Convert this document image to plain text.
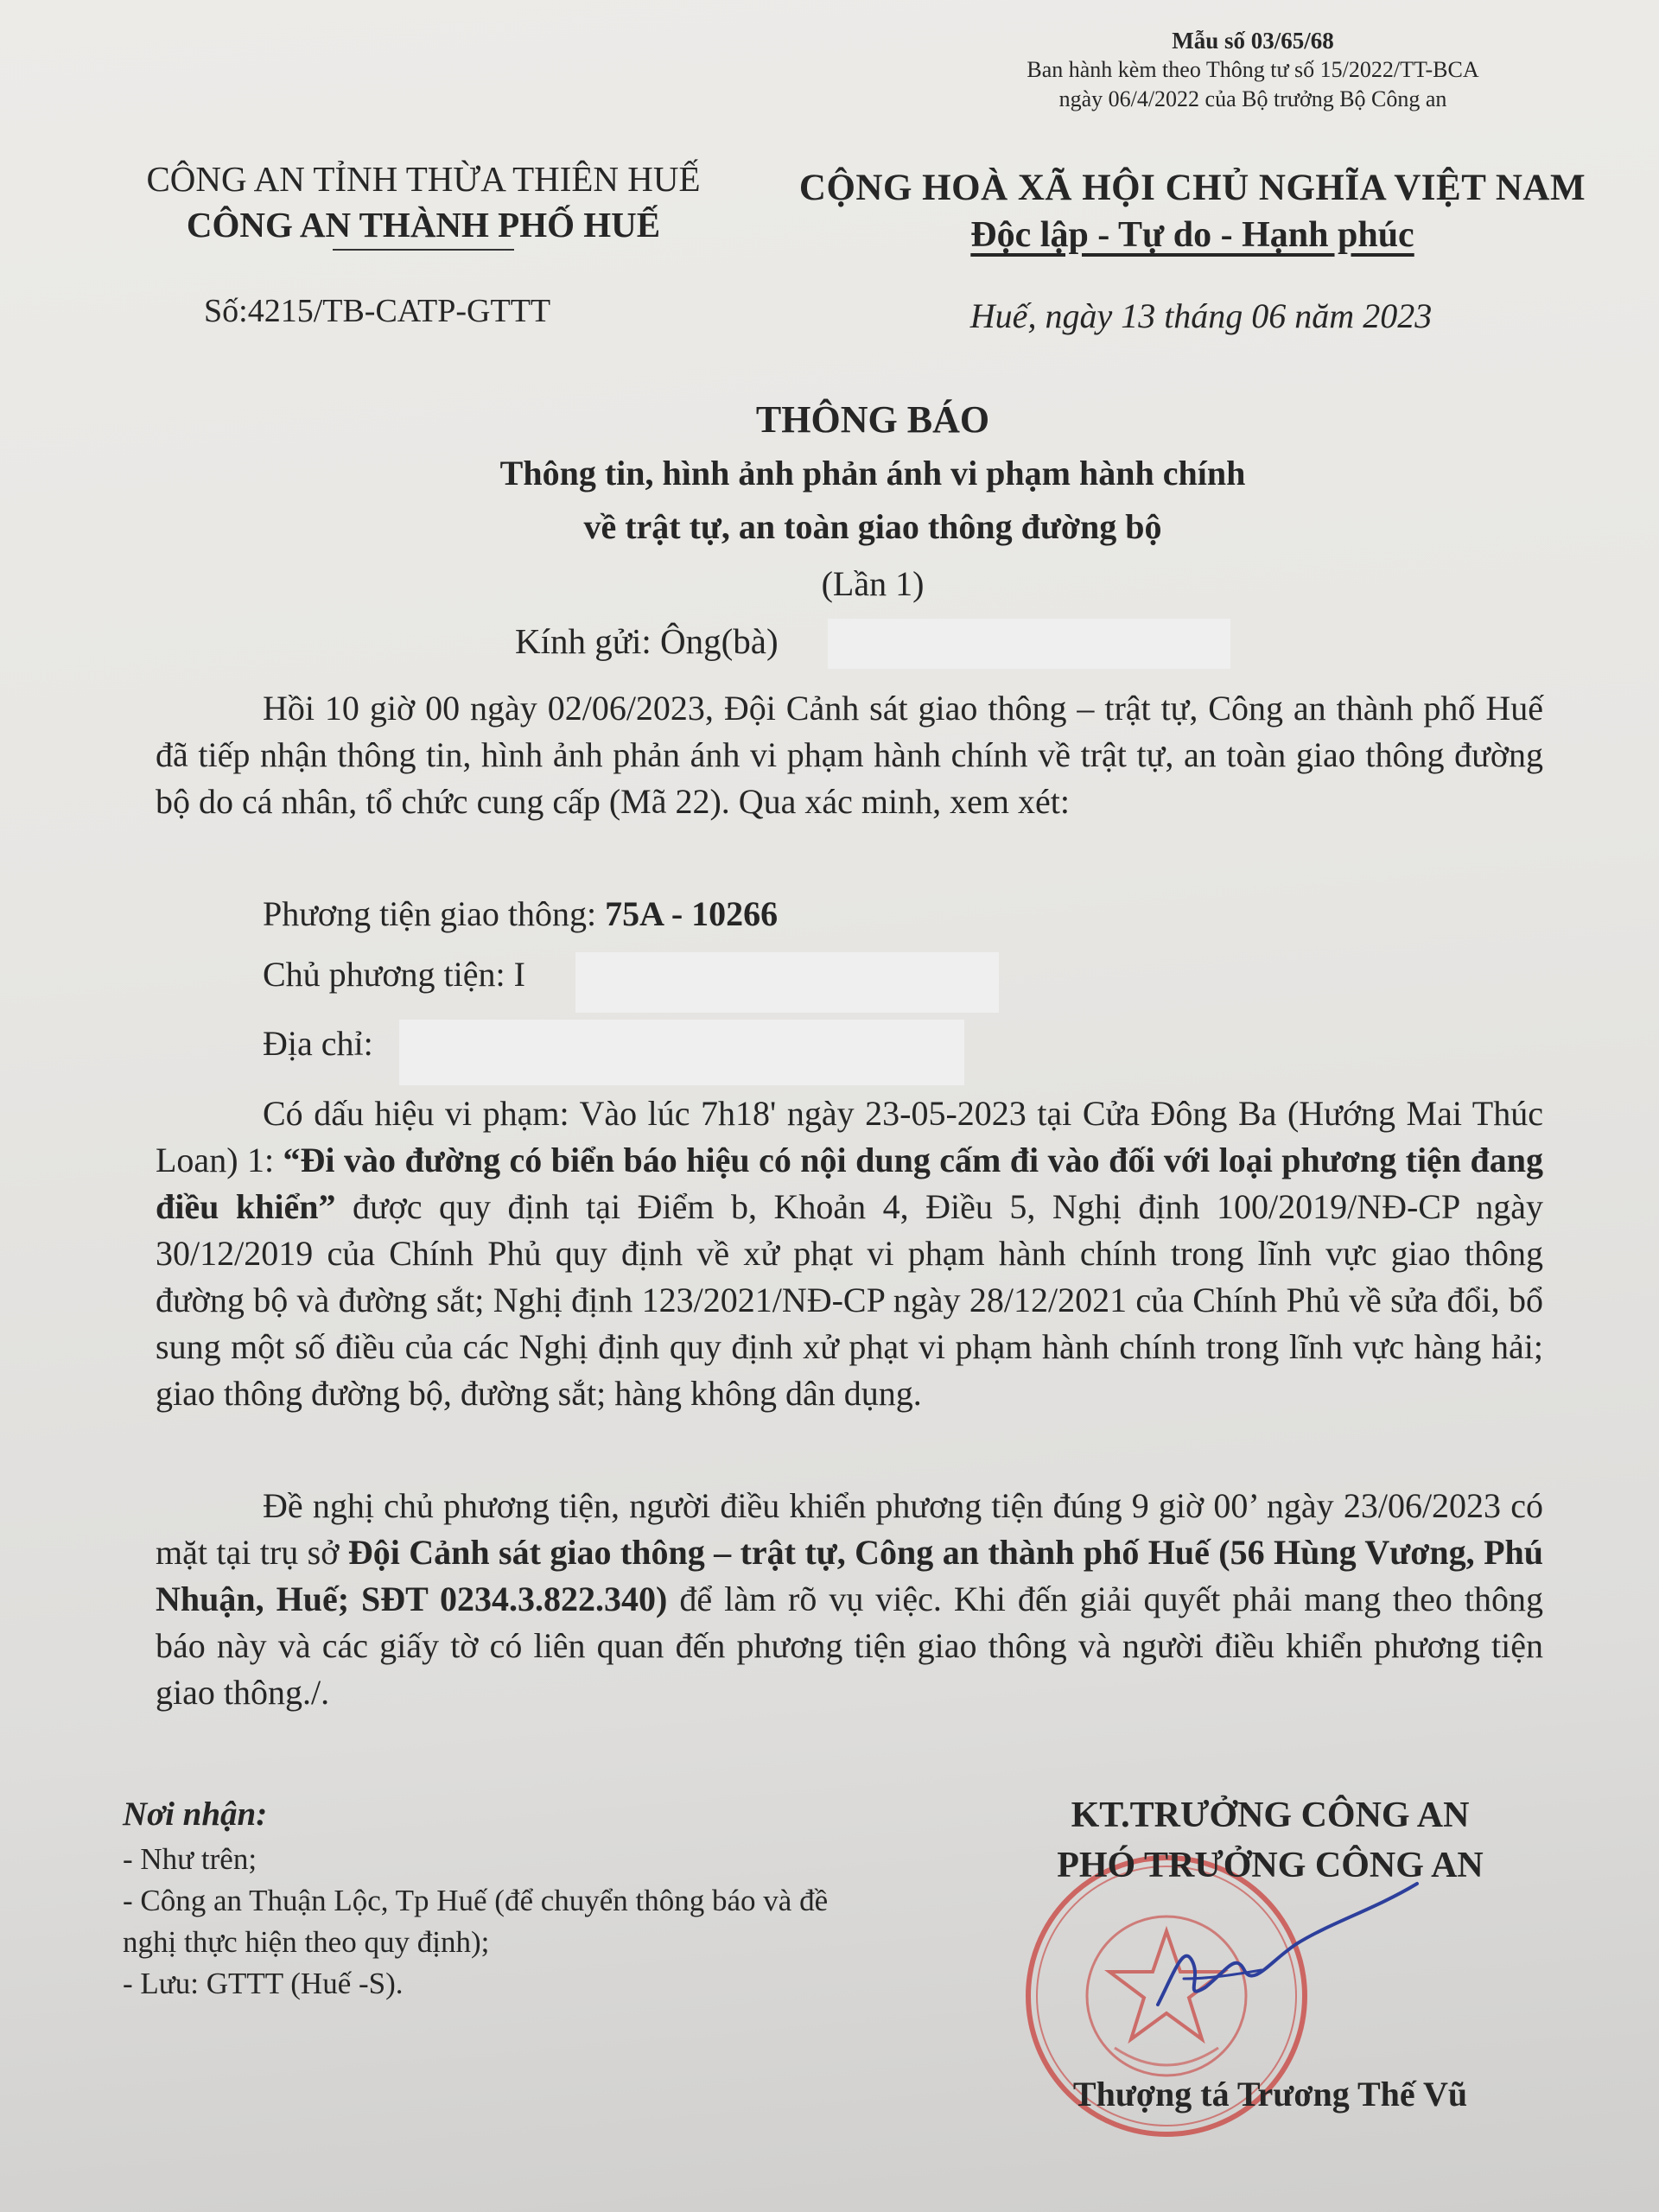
Mẫu số 03/65/68
Ban hành kèm theo Thông tư số 15/2022/TT-BCA
ngày 06/4/2022 của Bộ trưởng Bộ Công an
CÔNG AN TỈNH THỪA THIÊN HUẾ
CÔNG AN THÀNH PHỐ HUẾ
Số:4215/TB-CATP-GTTT
CỘNG HOÀ XÃ HỘI CHỦ NGHĨA VIỆT NAM
Độc lập - Tự do - Hạnh phúc
Huế, ngày 13 tháng 06 năm 2023
THÔNG BÁO
Thông tin, hình ảnh phản ánh vi phạm hành chính
về trật tự, an toàn giao thông đường bộ
(Lần 1)
Kính gửi: Ông(bà)
Hồi 10 giờ 00 ngày 02/06/2023, Đội Cảnh sát giao thông – trật tự, Công an thành phố Huế đã tiếp nhận thông tin, hình ảnh phản ánh vi phạm hành chính về trật tự, an toàn giao thông đường bộ do cá nhân, tổ chức cung cấp (Mã 22). Qua xác minh, xem xét:
Phương tiện giao thông: 75A - 10266
Chủ phương tiện: I
Địa chỉ:
Có dấu hiệu vi phạm: Vào lúc 7h18' ngày 23-05-2023 tại Cửa Đông Ba (Hướng Mai Thúc Loan) 1: “Đi vào đường có biển báo hiệu có nội dung cấm đi vào đối với loại phương tiện đang điều khiển” được quy định tại Điểm b, Khoản 4, Điều 5, Nghị định 100/2019/NĐ-CP ngày 30/12/2019 của Chính Phủ quy định về xử phạt vi phạm hành chính trong lĩnh vực giao thông đường bộ và đường sắt; Nghị định 123/2021/NĐ-CP ngày 28/12/2021 của Chính Phủ về sửa đổi, bổ sung một số điều của các Nghị định quy định xử phạt vi phạm hành chính trong lĩnh vực hàng hải; giao thông đường bộ, đường sắt; hàng không dân dụng.
Đề nghị chủ phương tiện, người điều khiển phương tiện đúng 9 giờ 00’ ngày 23/06/2023 có mặt tại trụ sở Đội Cảnh sát giao thông – trật tự, Công an thành phố Huế (56 Hùng Vương, Phú Nhuận, Huế; SĐT 0234.3.822.340) để làm rõ vụ việc. Khi đến giải quyết phải mang theo thông báo này và các giấy tờ có liên quan đến phương tiện giao thông và người điều khiển phương tiện giao thông./.
Nơi nhận:
- Như trên;
- Công an Thuận Lộc, Tp Huế (để chuyển thông báo và đề nghị thực hiện theo quy định);
- Lưu: GTTT (Huế -S).
KT.TRƯỞNG CÔNG AN
PHÓ TRƯỞNG CÔNG AN
Thượng tá Trương Thế Vũ
